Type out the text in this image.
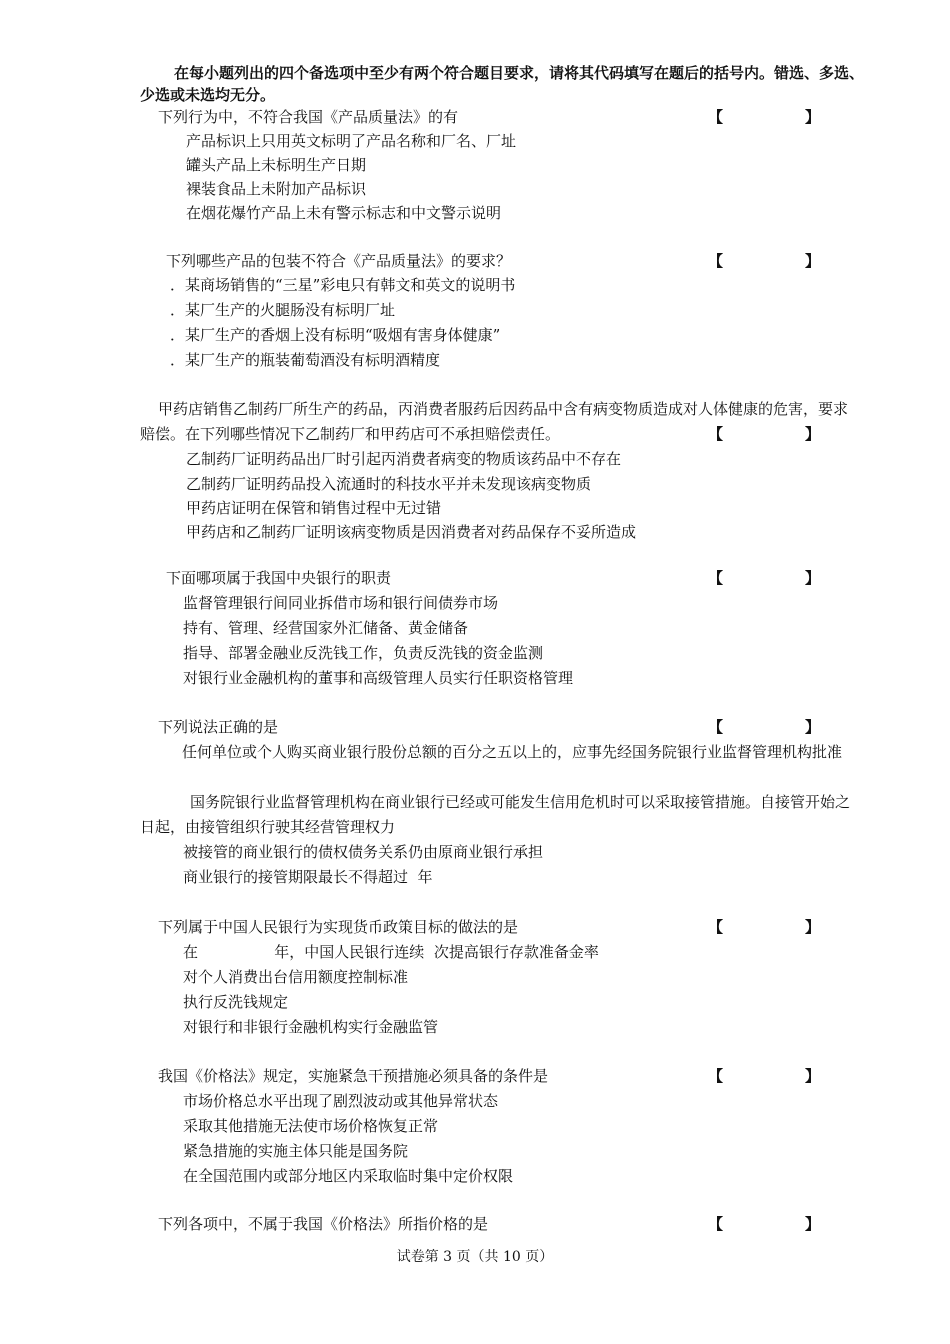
在每小题列出的四个备选项中至少有两个符合题目要求，请将其代码填写在题后的括号内。错选、多选、少选或未选均无分。
下列行为中，不符合我国《产品质量法》的有	【	】
产品标识上只用英文标明了产品名称和厂名、厂址
罐头产品上未标明生产日期
裸装食品上未附加产品标识
在烟花爆竹产品上未有警示标志和中文警示说明
下列哪些产品的包装不符合《产品质量法》的要求？	【	】
．某商场销售的“三星”彩电只有韩文和英文的说明书
．某厂生产的火腿肠没有标明厂址
．某厂生产的香烟上没有标明“吸烟有害身体健康”
．某厂生产的瓶装葡萄酒没有标明酒精度
甲药店销售乙制药厂所生产的药品，丙消费者服药后因药品中含有病变物质造成对人体健康的危害，要求赔偿。在下列哪些情况下乙制药厂和甲药店可不承担赔偿责任。	【	】
乙制药厂证明药品出厂时引起丙消费者病变的物质该药品中不存在
乙制药厂证明药品投入流通时的科技水平并未发现该病变物质
甲药店证明在保管和销售过程中无过错
甲药店和乙制药厂证明该病变物质是因消费者对药品保存不妥所造成
下面哪项属于我国中央银行的职责	【	】
监督管理银行间同业拆借市场和银行间债券市场
持有、管理、经营国家外汇储备、黄金储备
指导、部署金融业反洗钱工作，负责反洗钱的资金监测
对银行业金融机构的董事和高级管理人员实行任职资格管理
下列说法正确的是	【	】
任何单位或个人购买商业银行股份总额的百分之五以上的，应事先经国务院银行业监督管理机构批准
国务院银行业监督管理机构在商业银行已经或可能发生信用危机时可以采取接管措施。自接管开始之日起，由接管组织行驶其经营管理权力
被接管的商业银行的债权债务关系仍由原商业银行承担
商业银行的接管期限最长不得超过  年
下列属于中国人民银行为实现货币政策目标的做法的是	【	】
在                年，中国人民银行连续  次提高银行存款准备金率
对个人消费出台信用额度控制标准
执行反洗钱规定
对银行和非银行金融机构实行金融监管
我国《价格法》规定，实施紧急干预措施必须具备的条件是	【	】
市场价格总水平出现了剧烈波动或其他异常状态
采取其他措施无法使市场价格恢复正常
紧急措施的实施主体只能是国务院
在全国范围内或部分地区内采取临时集中定价权限
下列各项中，不属于我国《价格法》所指价格的是	【	】
试卷第 3 页（共 10 页）
